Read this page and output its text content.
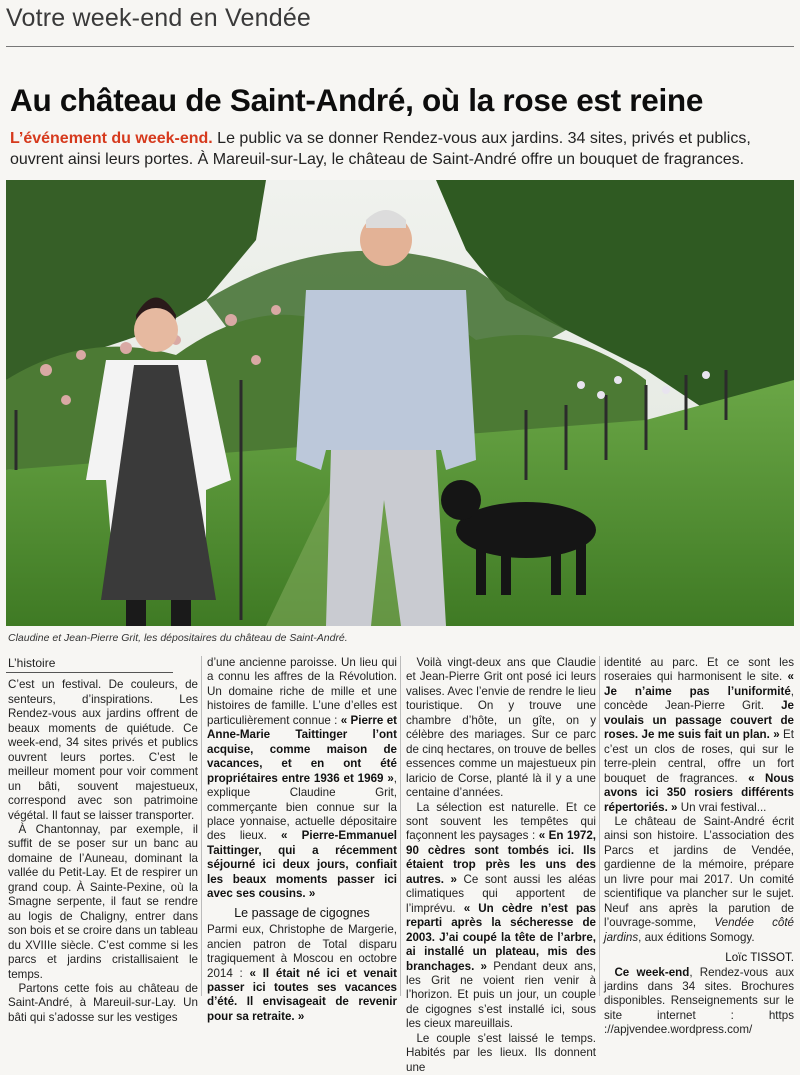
Votre week-end en Vendée
Au château de Saint-André, où la rose est reine
L’événement du week-end. Le public va se donner Rendez-vous aux jardins. 34 sites, privés et publics, ouvrent ainsi leurs portes. À Mareuil-sur-Lay, le château de Saint-André offre un bouquet de fragrances.
Claudine et Jean-Pierre Grit, les dépositaires du château de Saint-André.
L’histoire

C’est un festival. De couleurs, de senteurs, d’inspirations. Les Rendez-vous aux jardins offrent de beaux moments de quiétude. Ce week-end, 34 sites privés et publics ouvrent leurs portes. C’est le meilleur moment pour voir comment un bâti, souvent majestueux, correspond avec son patrimoine végétal. Il faut se laisser transporter.

À Chantonnay, par exemple, il suffit de se poser sur un banc au domaine de l’Auneau, dominant la vallée du Petit-Lay. Et de respirer un grand coup. À Sainte-Pexine, où la Smagne serpente, il faut se rendre au logis de Chaligny, entrer dans son bois et se croire dans un tableau du XVIIIe siècle. C’est comme si les parcs et jardins cristallisaient le temps.

Partons cette fois au château de Saint-André, à Mareuil-sur-Lay. Un bâti qui s’adosse sur les vestiges

d’une ancienne paroisse. Un lieu qui a connu les affres de la Révolution. Un domaine riche de mille et une histoires de famille. L’une d’elles est particulièrement connue : « Pierre et Anne-Marie Taittinger l’ont acquise, comme maison de vacances, et en ont été propriétaires entre 1936 et 1969 », explique Claudine Grit, commerçante bien connue sur la place yonnaise, actuelle dépositaire des lieux. « Pierre-Emmanuel Taittinger, qui a récemment séjourné ici deux jours, confiait les beaux moments passer ici avec ses cousins. »

Le passage de cigognes

Parmi eux, Christophe de Margerie, ancien patron de Total disparu tragiquement à Moscou en octobre 2014 : « Il était né ici et venait passer ici toutes ses vacances d’été. Il envisageait de revenir pour sa retraite. »

Voilà vingt-deux ans que Claudie et Jean-Pierre Grit ont posé ici leurs valises. Avec l’envie de rendre le lieu touristique. On y trouve une chambre d’hôte, un gîte, on y célèbre des mariages. Sur ce parc de cinq hectares, on trouve de belles essences comme un majestueux pin laricio de Corse, planté là il y a une centaine d’années.

La sélection est naturelle. Et ce sont souvent les tempêtes qui façonnent les paysages : « En 1972, 90 cèdres sont tombés ici. Ils étaient trop près les uns des autres. » Ce sont aussi les aléas climatiques qui apportent de l’imprévu. « Un cèdre n’est pas reparti après la sécheresse de 2003. J’ai coupé la tête de l’arbre, ai installé un plateau, mis des branchages. » Pendant deux ans, les Grit ne voient rien venir à l’horizon. Et puis un jour, un couple de cigognes s’est installé ici, sous les cieux mareuillais.

Le couple s’est laissé le temps. Habités par les lieux. Ils donnent une

identité au parc. Et ce sont les roseraies qui harmonisent le site. « Je n’aime pas l’uniformité, concède Jean-Pierre Grit. Je voulais un passage couvert de roses. Je me suis fait un plan. » Et c’est un clos de roses, qui sur le terre-plein central, offre un fort bouquet de fragrances. « Nous avons ici 350 rosiers différents répertoriés. » Un vrai festival...

Le château de Saint-André écrit ainsi son histoire. L’association des Parcs et jardins de Vendée, gardienne de la mémoire, prépare un livre pour mai 2017. Un comité scientifique va plancher sur le sujet. Neuf ans après la parution de l’ouvrage-somme, Vendée côté jardins, aux éditions Somogy.

Loïc TISSOT.

Ce week-end, Rendez-vous aux jardins dans 34 sites. Brochures disponibles. Renseignements sur le site internet : https ://apjvendee.wordpress.com/
